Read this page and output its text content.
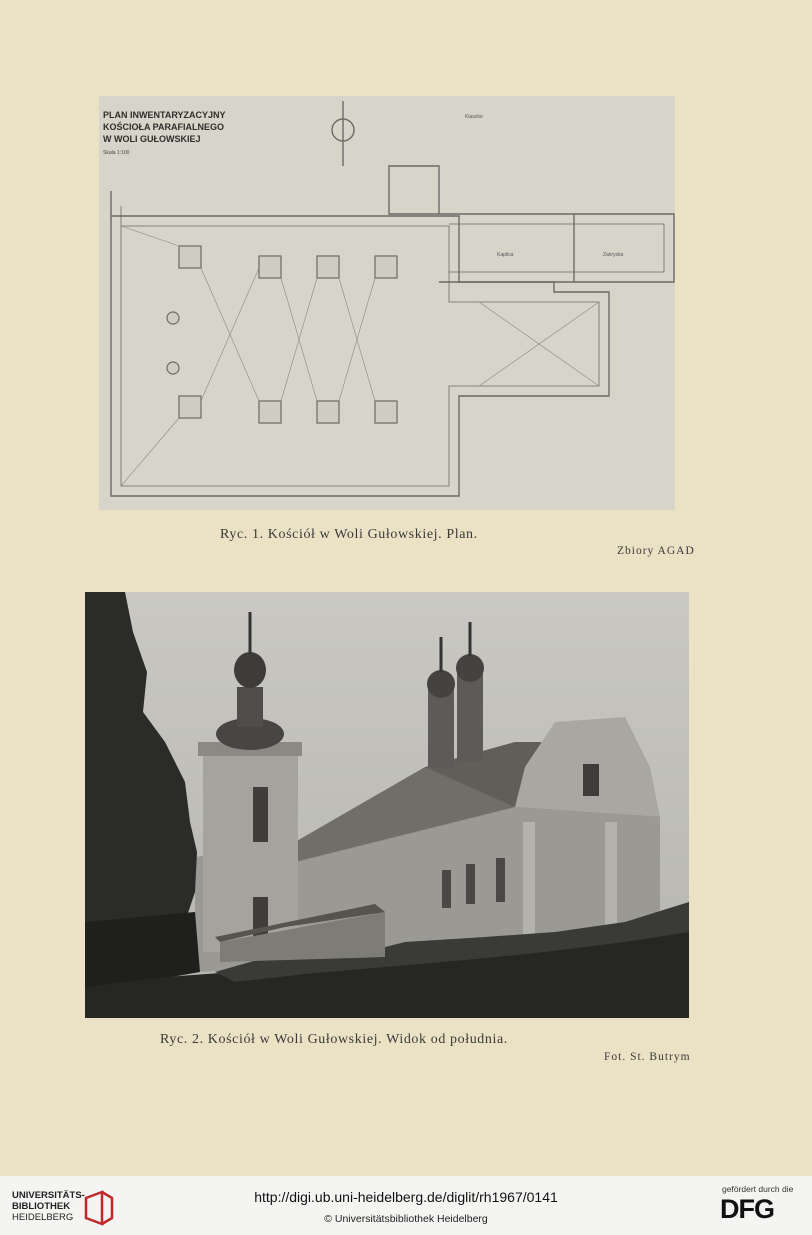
PLAN INWENTARYZACYJNY
KOŚCIOŁA PARAFIALNEGO
W WOLI GUŁOWSKIEJ
Skala 1:100
Klasztor
Kaplica	Zakrystia
Ryc. 1. Kościół w Woli Gułowskiej. Plan.
Zbiory AGAD
Ryc. 2. Kościół w Woli Gułowskiej. Widok od południa.
Fot. St. Butrym
UNIVERSITÄTS-
BIBLIOTHEK
HEIDELBERG
http://digi.ub.uni-heidelberg.de/diglit/rh1967/0141
© Universitätsbibliothek Heidelberg
gefördert durch die
DFG
